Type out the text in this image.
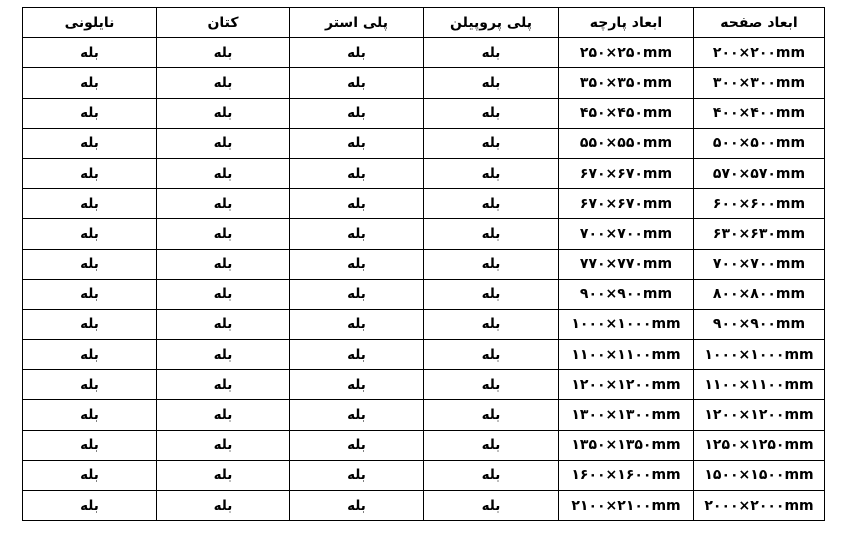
ابعاد صفحه	ابعاد پارچه	پلی پروپیلن	پلی استر	کتان	نایلونی
۲۰۰×۲۰۰mm	۲۵۰×۲۵۰mm	بله	بله	بله	بله
۳۰۰×۳۰۰mm	۳۵۰×۳۵۰mm	بله	بله	بله	بله
۴۰۰×۴۰۰mm	۴۵۰×۴۵۰mm	بله	بله	بله	بله
۵۰۰×۵۰۰mm	۵۵۰×۵۵۰mm	بله	بله	بله	بله
۵۷۰×۵۷۰mm	۶۷۰×۶۷۰mm	بله	بله	بله	بله
۶۰۰×۶۰۰mm	۶۷۰×۶۷۰mm	بله	بله	بله	بله
۶۳۰×۶۳۰mm	۷۰۰×۷۰۰mm	بله	بله	بله	بله
۷۰۰×۷۰۰mm	۷۷۰×۷۷۰mm	بله	بله	بله	بله
۸۰۰×۸۰۰mm	۹۰۰×۹۰۰mm	بله	بله	بله	بله
۹۰۰×۹۰۰mm	۱۰۰۰×۱۰۰۰mm	بله	بله	بله	بله
۱۰۰۰×۱۰۰۰mm	۱۱۰۰×۱۱۰۰mm	بله	بله	بله	بله
۱۱۰۰×۱۱۰۰mm	۱۲۰۰×۱۲۰۰mm	بله	بله	بله	بله
۱۲۰۰×۱۲۰۰mm	۱۳۰۰×۱۳۰۰mm	بله	بله	بله	بله
۱۲۵۰×۱۲۵۰mm	۱۳۵۰×۱۳۵۰mm	بله	بله	بله	بله
۱۵۰۰×۱۵۰۰mm	۱۶۰۰×۱۶۰۰mm	بله	بله	بله	بله
۲۰۰۰×۲۰۰۰mm	۲۱۰۰×۲۱۰۰mm	بله	بله	بله	بله
